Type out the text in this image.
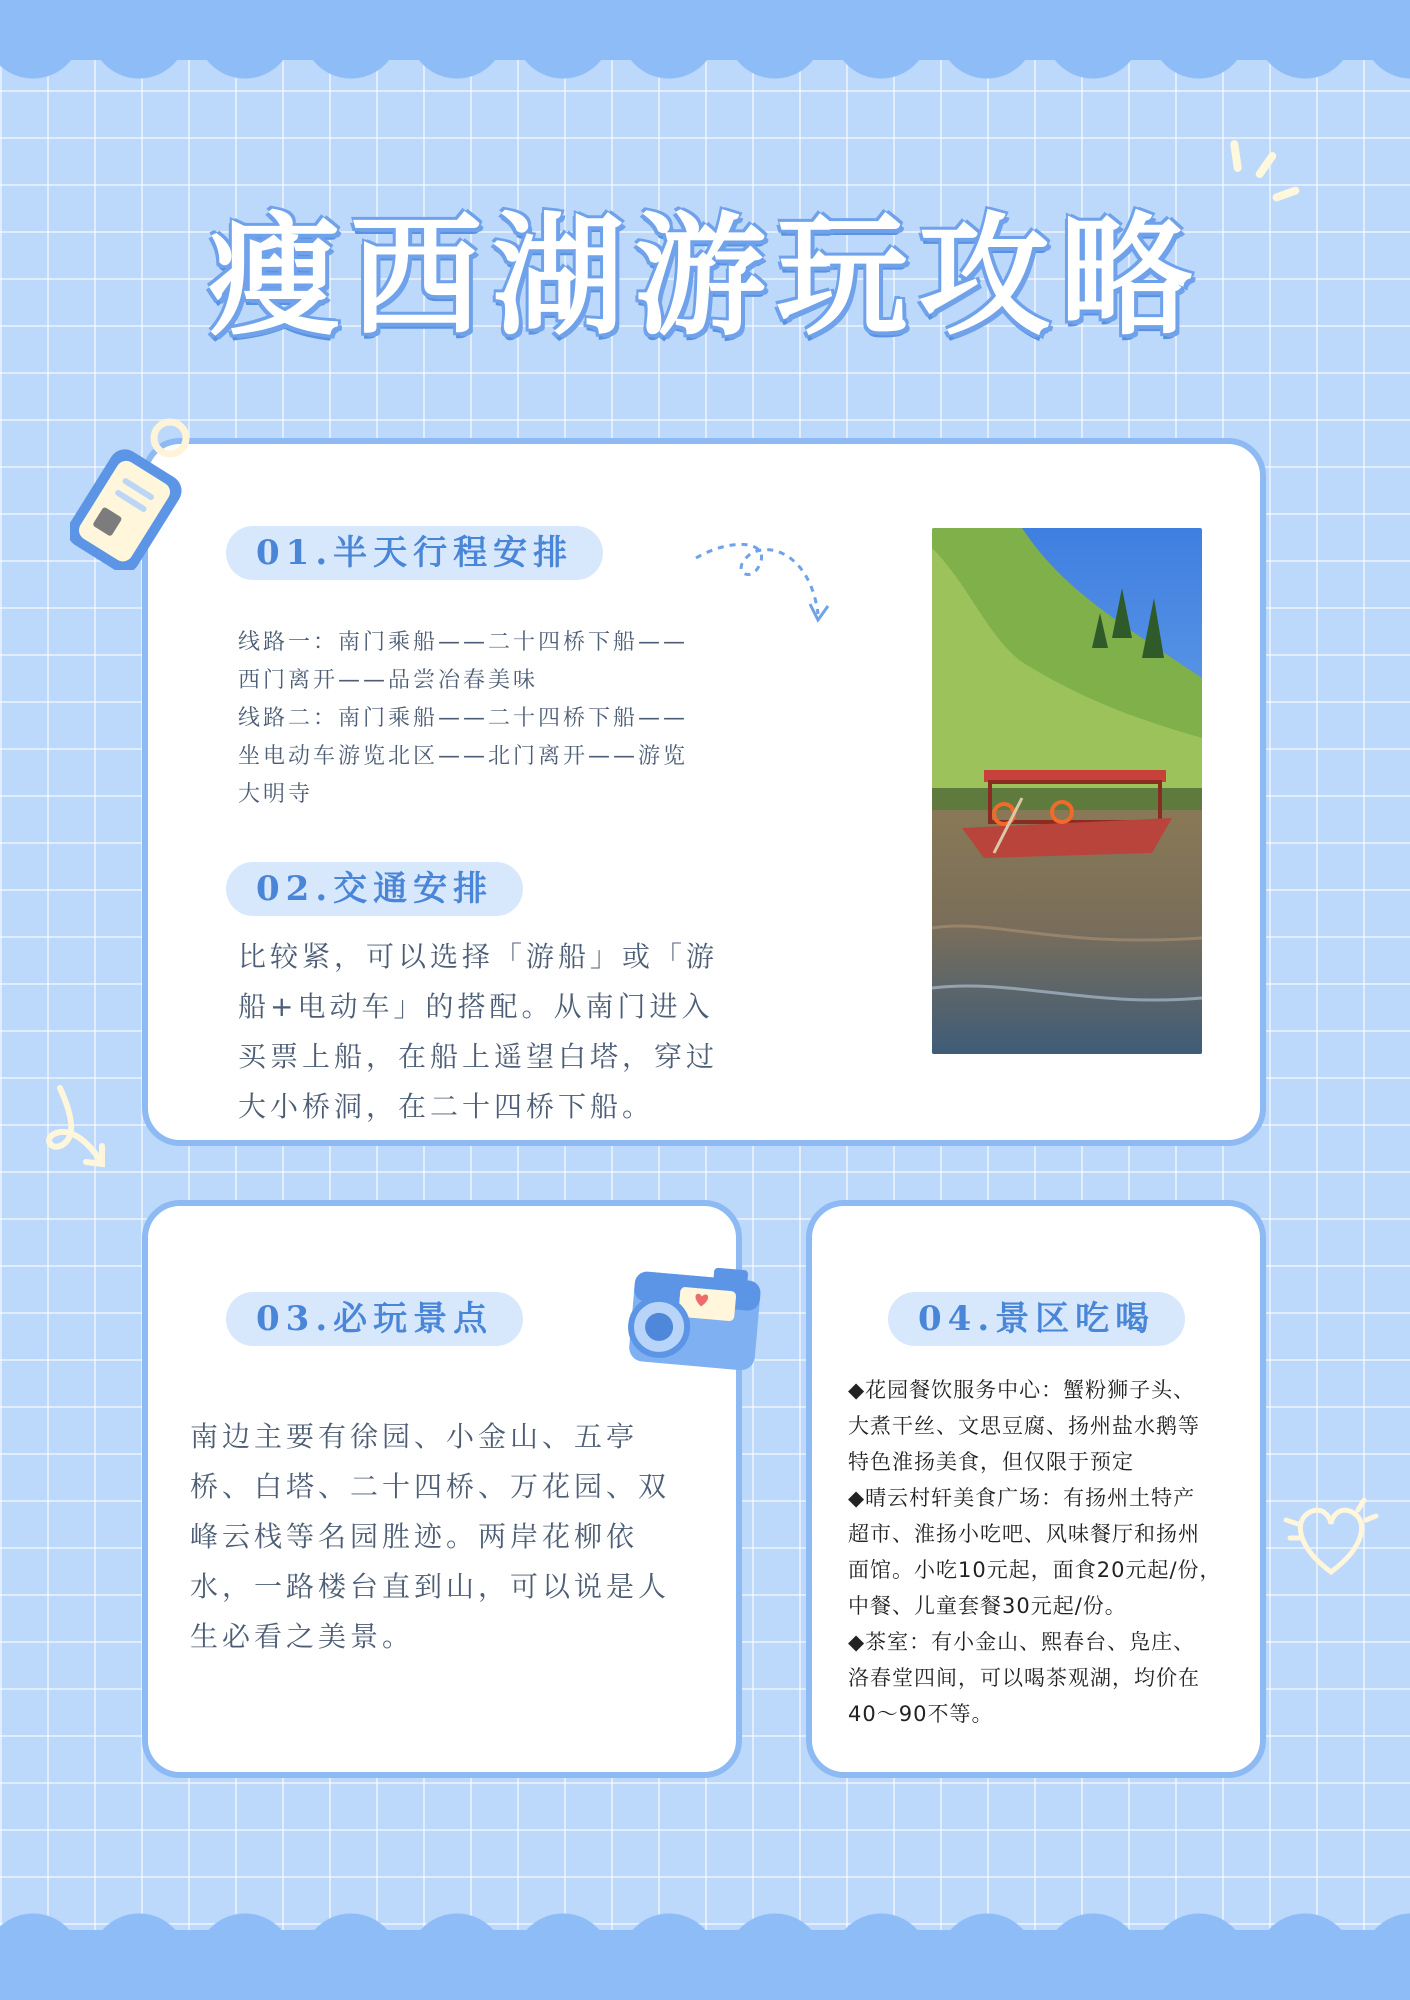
瘦西湖游玩攻略
01.半天行程安排
线路一：南门乘船——二十四桥下船——
西门离开——品尝冶春美味
线路二：南门乘船——二十四桥下船——
坐电动车游览北区——北门离开——游览
大明寺
02.交通安排
比较紧，可以选择「游船」或「游
船+电动车」的搭配。从南门进入
买票上船，在船上遥望白塔，穿过
大小桥洞，在二十四桥下船。
03.必玩景点
南边主要有徐园、小金山、五亭
桥、白塔、二十四桥、万花园、双
峰云栈等名园胜迹。两岸花柳依
水，一路楼台直到山，可以说是人
生必看之美景。
04.景区吃喝
◆花园餐饮服务中心：蟹粉狮子头、
大煮干丝、文思豆腐、扬州盐水鹅等
特色淮扬美食，但仅限于预定
◆晴云村轩美食广场：有扬州土特产
超市、淮扬小吃吧、风味餐厅和扬州
面馆。小吃10元起，面食20元起/份，
中餐、儿童套餐30元起/份。
◆茶室：有小金山、熙春台、凫庄、
洛春堂四间，可以喝茶观湖，均价在
40～90不等。
